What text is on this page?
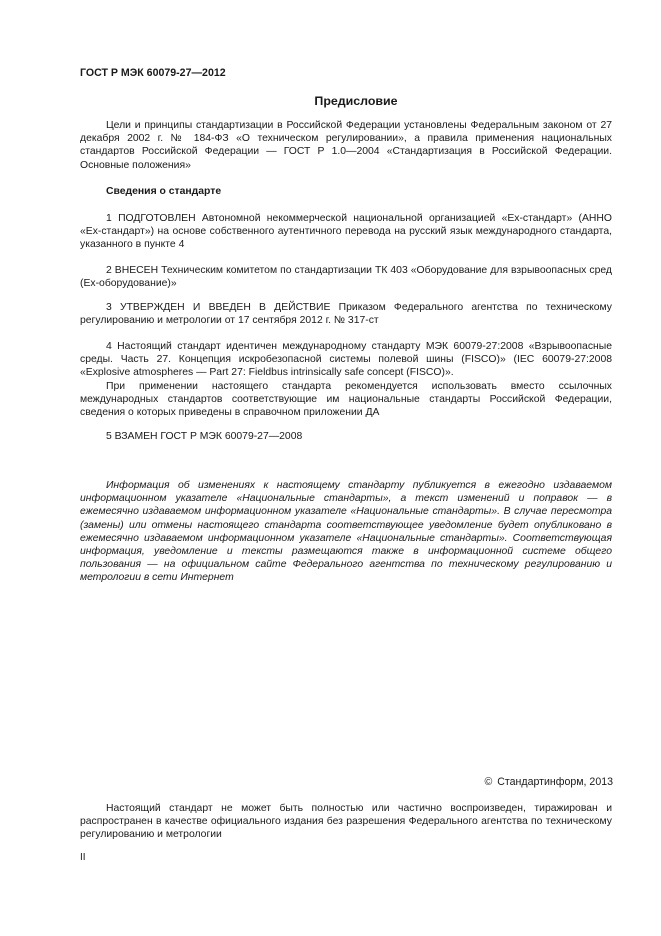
ГОСТ Р МЭК 60079-27—2012
Предисловие

Цели и принципы стандартизации в Российской Федерации установлены Федеральным законом от 27 декабря 2002 г. № 184-ФЗ «О техническом регулировании», а правила применения национальных стандартов Российской Федерации — ГОСТ Р 1.0—2004 «Стандартизация в Российской Федерации. Основные положения»

Сведения о стандарте

1 ПОДГОТОВЛЕН Автономной некоммерческой национальной организацией «Ех-стандарт» (АННО «Ех-стандарт») на основе собственного аутентичного перевода на русский язык международного стандарта, указанного в пункте 4

2 ВНЕСЕН Техническим комитетом по стандартизации ТК 403 «Оборудование для взрывоопасных сред (Ех-оборудование)»

3 УТВЕРЖДЕН И ВВЕДЕН В ДЕЙСТВИЕ Приказом Федерального агентства по техническому регулированию и метрологии от 17 сентября 2012 г. № 317-ст

4 Настоящий стандарт идентичен международному стандарту МЭК 60079-27:2008 «Взрывоопасные среды. Часть 27. Концепция искробезопасной системы полевой шины (FISCO)» (IEC 60079-27:2008 «Explosive atmospheres — Part 27: Fieldbus intrinsically safe concept (FISCO)».

При применении настоящего стандарта рекомендуется использовать вместо ссылочных международных стандартов соответствующие им национальные стандарты Российской Федерации, сведения о которых приведены в справочном приложении ДА

5 ВЗАМЕН ГОСТ Р МЭК 60079-27—2008

Информация об изменениях к настоящему стандарту публикуется в ежегодно издаваемом информационном указателе «Национальные стандарты», а текст изменений и поправок — в ежемесячно издаваемом информационном указателе «Национальные стандарты». В случае пересмотра (замены) или отмены настоящего стандарта соответствующее уведомление будет опубликовано в ежемесячно издаваемом информационном указателе «Национальные стандарты». Соответствующая информация, уведомление и тексты размещаются также в информационной системе общего пользования — на официальном сайте Федерального агентства по техническому регулированию и метрологии в сети Интернет

© Стандартинформ, 2013

Настоящий стандарт не может быть полностью или частично воспроизведен, тиражирован и распространен в качестве официального издания без разрешения Федерального агентства по техническому регулированию и метрологии

II
